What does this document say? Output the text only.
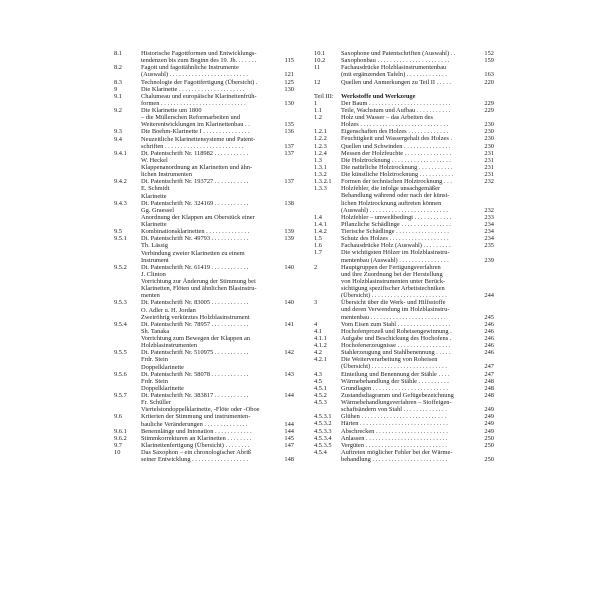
8.1	Historische Fagottformen und Entwicklungs-
tendenzen bis zum Beginn des 19. Jh. . . . . . .	115
8.2	Fagott und fagottähnliche Instrumente
(Auswahl) . . . . . . . . . . . . . . . . . . . . . . . . .	121
8.3	Technologie der Fagottfertigung (Übersicht) .	125
9	Die Klarinette . . . . . . . . . . . . . . . . . . . . .	130
9.1	Chalumeau und europäische Klarinettenfrüh-
formen . . . . . . . . . . . . . . . . . . . . . . . . . . .	130
9.2	Die Klarinette um 1800
– die Müllerschen Reformarbeiten und
Weiterentwicklungen im Klarinettenbau . .	135
9.3	Die Boehm-Klarinette I . . . . . . . . . . . . . . .	136
9.4	Neuzeitliche Klarinettensysteme und Patent-
schriften . . . . . . . . . . . . . . . . . . . . . . . . .	137
9.4.1	Dt. Patentschrift Nr. 118982 . . . . . . . . . . .	137
W. Heckel
Klappenanordnung an Klarinetten und ähn-
lichen Instrumenten
9.4.2	Dt. Patentschrift Nr. 193727 . . . . . . . . . . .	137
E. Schmidt
Klarinette
9.4.3	Dt. Patentschrift Nr. 324169 . . . . . . . . . . .	138
Gg. Graessel
Anordnung der Klappen am Oberstück einer
Klarinette
9.5	Kombinationsklarinetten . . . . . . . . . . . . . .	139
9.5.1	Dt. Patentschrift Nr. 49793 . . . . . . . . . . . .	139
Th. Lässig
Verbindung zweier Klarinetten zu einem
Instrument
9.5.2	Dt. Patentschrift Nr. 61419 . . . . . . . . . . . .	140
J. Clinton
Vorrichtung zur Änderung der Stimmung bei
Klarinetten, Flöten und ähnlichen Blasinstru-
menten
9.5.3	Dt. Patentschrift Nr. 83005 . . . . . . . . . . . .	140
O. Adler u. H. Jordan
Zweiröhrig verkürztes Holzblasinstrument
9.5.4	Dt. Patentschrift Nr. 78957 . . . . . . . . . . . .	141
Sh. Tanaka
Vorrichtung zum Bewegen der Klappen an
Holzblasinstrumenten
9.5.5	Dt. Patentschrift Nr. 510975 . . . . . . . . . . .	142
Frdr. Stein
Doppelklarinette
9.5.6	Dt. Patentschrift Nr. 58078 . . . . . . . . . . . .	143
Frdr. Stein
Doppelklarinette
9.5.7	Dt. Patentschrift Nr. 383817 . . . . . . . . . . .	144
Fr. Schüller
Viertelstondoppelklarinette, -Flöte oder -Oboe
9.6	Kriterien der Stimmung und instrumenten-
bauliche Veränderungen . . . . . . . . . . . . . .	144
9.6.1	Benennlänge und Intonation . . . . . . . . . . . .	144
9.6.2	Stimmkorrekturen an Klarinetten . . . . . . . .	145
9.7	Klarinettenfertigung (Übersicht) . . . . . . . .	147
10	Das Saxophon – ein chronologischer Abriß
seiner Entwicklung . . . . . . . . . . . . . . . . . .	148
10.1	Saxophone und Patentschriften (Auswahl) . .	152
10.2	Saxophonbau . . . . . . . . . . . . . . . . . . . . . . .	159
11	Fachausdrücke Holzblasinstrumentenbau
(mit ergänzenden Tafeln) . . . . . . . . . . . . .	163
12	Quellen und Anmerkungen zu Teil II . . . . .	220
Teil III:	Werkstoffe und Werkzeuge
1	Der Baum . . . . . . . . . . . . . . . . . . . . . . . . . .	229
1.1	Teile, Wachstum und Aufbau . . . . . . . . . . .	229
1.2	Holz und Wasser – das Arbeiten des
Holzes . . . . . . . . . . . . . . . . . . . . . . . . . . . .	230
1.2.1	Eigenschaften des Holzes . . . . . . . . . . . . .	230
1.2.2	Feuchtigkeit und Wassergehalt des Holzes .	230
1.2.3	Quellen und Schwinden . . . . . . . . . . . . . . .	230
1.2.4	Messen der Holzfeuchte . . . . . . . . . . . . . . .	231
1.3	Die Holztrocknung . . . . . . . . . . . . . . . . . . .	231
1.3.1	Die natürliche Holztrocknung . . . . . . . . . . .	231
1.3.2	Die künstliche Holztrocknung . . . . . . . . . . .	231
1.3.2.1	Formen der technischen Holztrocknung . . .	232
1.3.3	Holzfehler, die infolge unsachgemäßer
Behandlung während oder nach der künst-
lichen Holztrocknung auftreten können
(Auswahl) . . . . . . . . . . . . . . . . . . . . . . . . .	232
1.4	Holzfehler – umweltbedingt . . . . . . . . . . . .	233
1.4.1	Pflanzliche Schädlinge . . . . . . . . . . . . . . . .	234
1.4.2	Tierische Schädlinge . . . . . . . . . . . . . . . . .	234
1.5	Schutz des Holzes . . . . . . . . . . . . . . . . . . .	234
1.6	Fachausdrücke Holz (Auswahl) . . . . . . . . .	235
1.7	Die wichtigsten Hölzer im Holzblasinstru-
mentenbau (Auswahl) . . . . . . . . . . . . . . . .	239
2	Hauptgruppen der Fertigungsverfahren
und ihre Zuordnung bei der Herstellung
von Holzblasinstrumenten unter Berück-
sichtigung spezifischer Arbeitstechniken
(Übersicht) . . . . . . . . . . . . . . . . . . . . . . . .	244
3	Übersicht über die Werk- und Hilfsstoffe
und deren Verwendung im Holzblasinstru-
mentenbau . . . . . . . . . . . . . . . . . . . . . . . .	245
4	Vom Eisen zum Stahl . . . . . . . . . . . . . . . . .	246
4.1	Hochofenprozeß und Roheisengewinnung .	246
4.1.1	Aufgabe und Beschickung des Hochofens .	246
4.1.2	Hochofenerzeugnisse . . . . . . . . . . . . . . . . .	246
4.2	Stahlerzeugung und Stahlbenennung . . . . .	246
4.2.1	Die Weiterverarbeitung von Roheisen
(Übersicht) . . . . . . . . . . . . . . . . . . . . . . . .	247
4.3	Einteilung und Benennung der Stähle . . . .	247
4.5	Wärmebehandlung der Stähle . . . . . . . . . .	248
4.5.1	Grundlagen . . . . . . . . . . . . . . . . . . . . . . . .	248
4.5.2	Zustandsdiagramm und Gefügebezeichnung	248
4.5.3	Wärmebehandlungsverfahren – Stoffeigen-
schaftsändern von Stahl . . . . . . . . . . . . . .	249
4.5.3.1	Glühen . . . . . . . . . . . . . . . . . . . . . . . . . . .	249
4.5.3.2	Härten . . . . . . . . . . . . . . . . . . . . . . . . . . . .	249
4.5.3.3	Abschrecken . . . . . . . . . . . . . . . . . . . . . . .	249
4.5.3.4	Anlassen . . . . . . . . . . . . . . . . . . . . . . . . . .	250
4.5.3.5	Vergüten . . . . . . . . . . . . . . . . . . . . . . . . . .	250
4.5.4	Auftreten möglicher Fehler bei der Wärme-
behandlung . . . . . . . . . . . . . . . . . . . . . . . .	250
